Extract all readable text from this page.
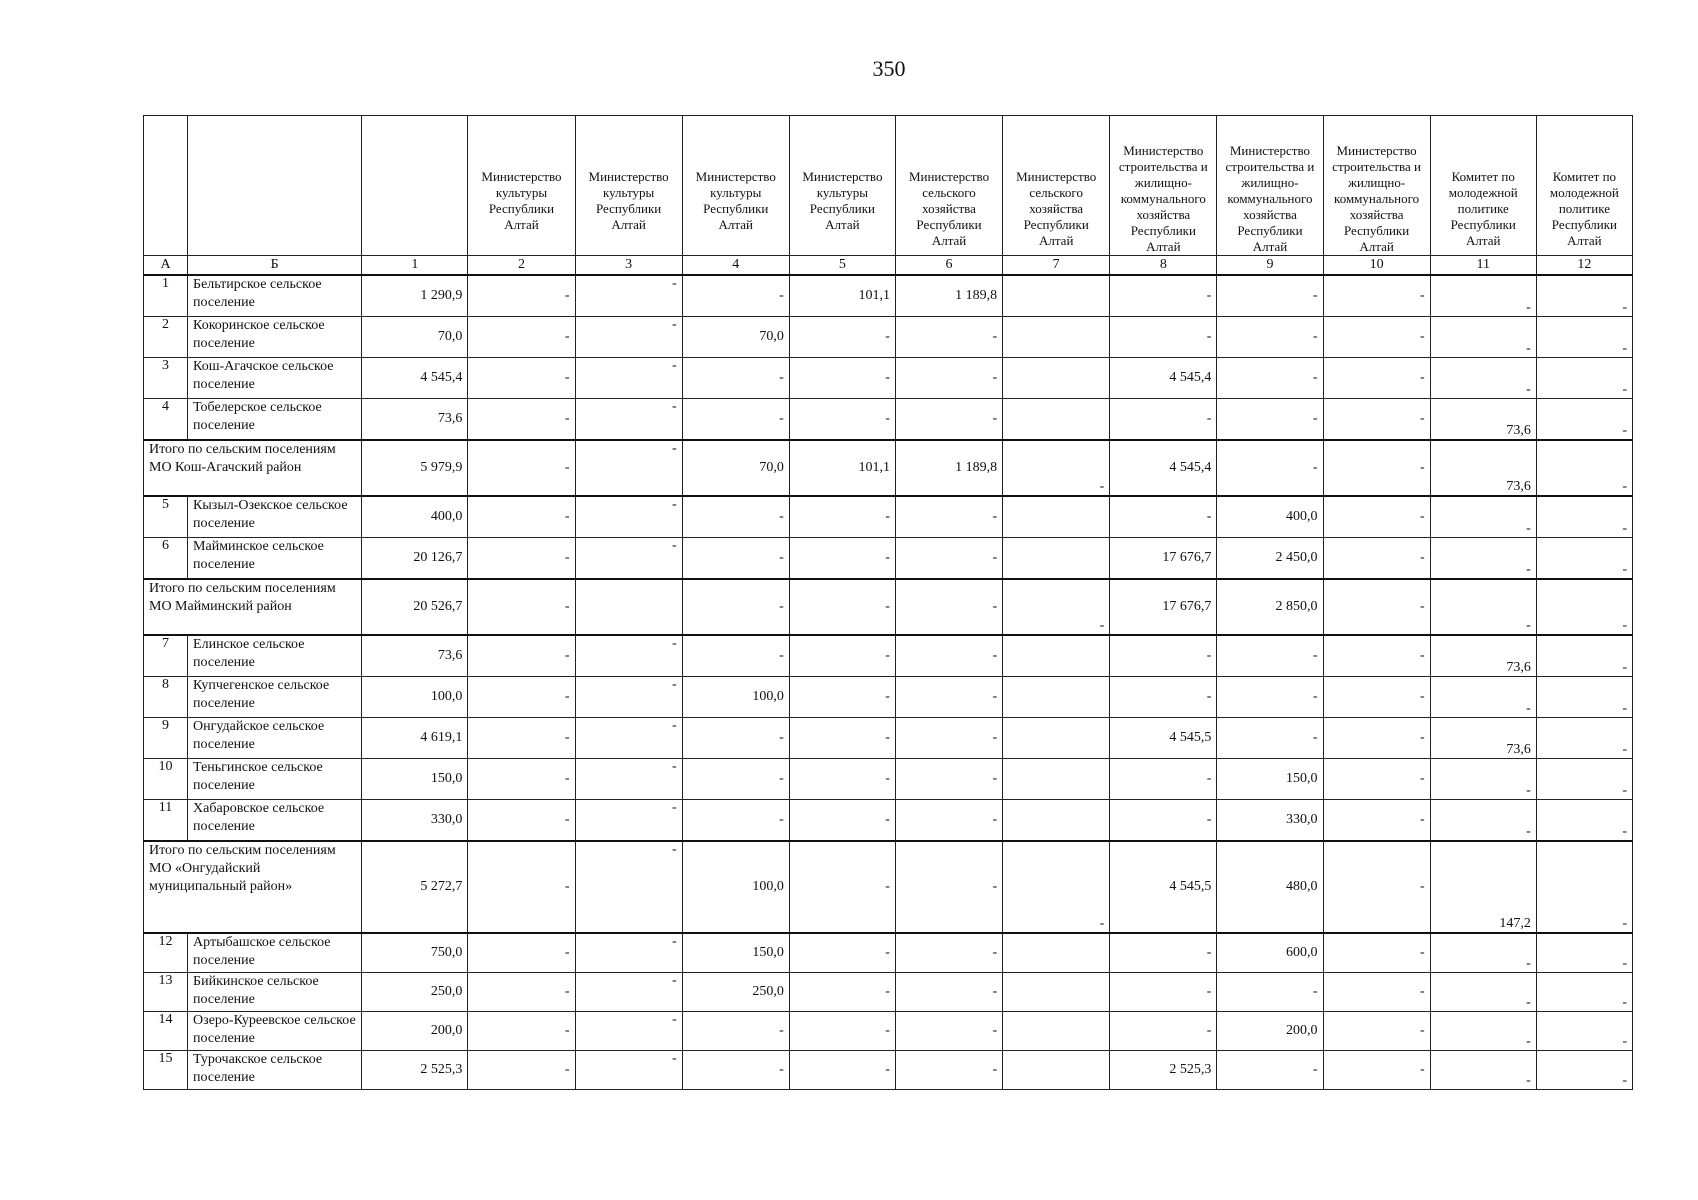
350
			Министерство культуры Республики Алтай	Министерство культуры Республики Алтай	Министерство культуры Республики Алтай	Министерство культуры Республики Алтай	Министерство сельского хозяйства Республики Алтай	Министерство сельского хозяйства Республики Алтай	Министерство строительства и жилищно-коммунального хозяйства Республики Алтай	Министерство строительства и жилищно-коммунального хозяйства Республики Алтай	Министерство строительства и жилищно-коммунального хозяйства Республики Алтай	Комитет по молодежной политике Республики Алтай	Комитет по молодежной политике Республики Алтай
А	Б	1	2	3	4	5	6	7	8	9	10	11	12
1	Бельтирское сельское поселение	1 290,9	-	-	-	101,1	1 189,8		-	-	-	-	-
2	Кокоринское сельское поселение	70,0	-	-	70,0	-	-		-	-	-	-	-
3	Кош-Агачское сельское поселение	4 545,4	-	-	-	-	-		4 545,4	-	-	-	-
4	Тобелерское сельское поселение	73,6	-	-	-	-	-		-	-	-	73,6	-
Итого по сельским поселениям МО Кош-Агачский район		5 979,9	-	-	70,0	101,1	1 189,8	-	4 545,4	-	-	73,6	-
5	Кызыл-Озекское сельское поселение	400,0	-	-	-	-	-		-	400,0	-	-	-
6	Майминское сельское поселение	20 126,7	-	-	-	-	-		17 676,7	2 450,0	-	-	-
Итого по сельским поселениям МО Майминский район		20 526,7	-		-	-	-	-	17 676,7	2 850,0	-	-	-
7	Елинское сельское поселение	73,6	-	-	-	-	-		-	-	-	73,6	-
8	Купчегенское сельское поселение	100,0	-	-	100,0	-	-		-	-	-	-	-
9	Онгудайское сельское поселение	4 619,1	-	-	-	-	-		4 545,5	-	-	73,6	-
10	Теньгинское сельское поселение	150,0	-	-	-	-	-		-	150,0	-	-	-
11	Хабаровское сельское поселение	330,0	-	-	-	-	-		-	330,0	-	-	-
Итого по сельским поселениям МО «Онгудайский муниципальный район»		5 272,7	-	-	100,0	-	-	-	4 545,5	480,0	-	147,2	-
12	Артыбашское сельское поселение	750,0	-	-	150,0	-	-		-	600,0	-	-	-
13	Бийкинское сельское поселение	250,0	-	-	250,0	-	-		-	-	-	-	-
14	Озеро-Куреевское сельское поселение	200,0	-	-	-	-	-		-	200,0	-	-	-
15	Турочакское сельское поселение	2 525,3	-	-	-	-	-		2 525,3	-	-	-	-
